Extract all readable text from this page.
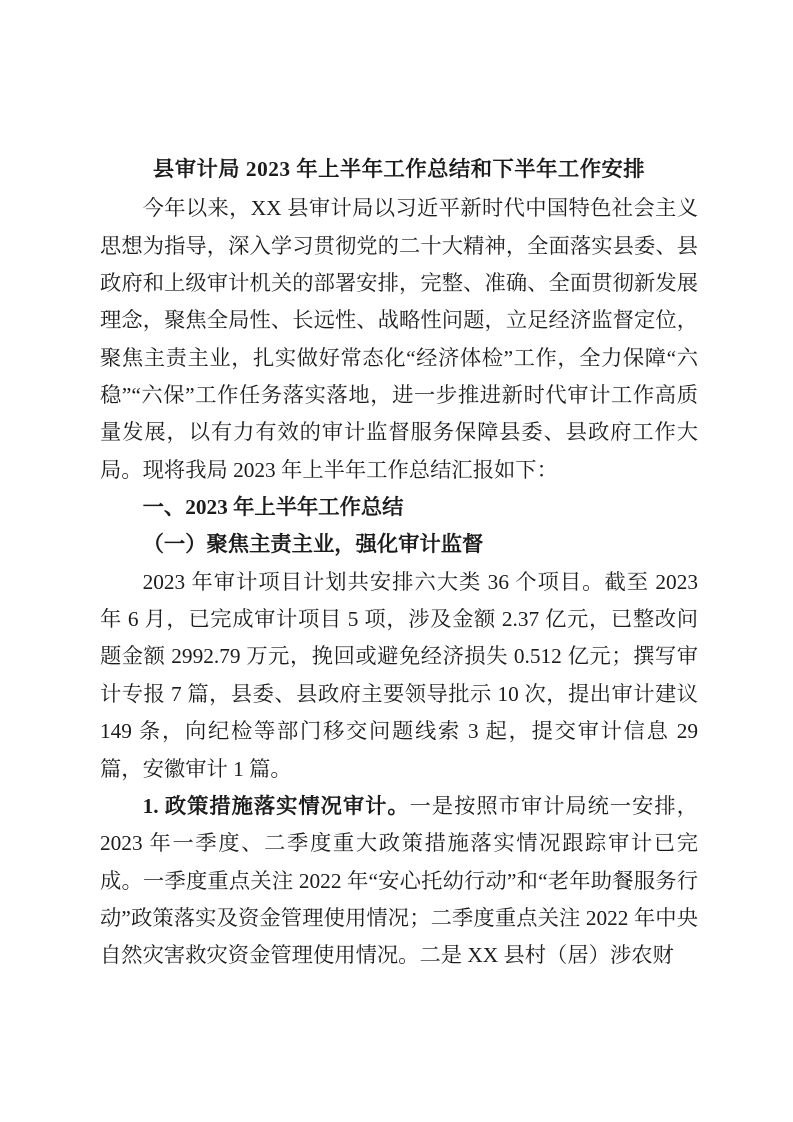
县审计局 2023 年上半年工作总结和下半年工作安排

今年以来，XX 县审计局以习近平新时代中国特色社会主义思想为指导，深入学习贯彻党的二十大精神，全面落实县委、县政府和上级审计机关的部署安排，完整、准确、全面贯彻新发展理念，聚焦全局性、长远性、战略性问题，立足经济监督定位，聚焦主责主业，扎实做好常态化“经济体检”工作，全力保障“六稳”“六保”工作任务落实落地，进一步推进新时代审计工作高质量发展，以有力有效的审计监督服务保障县委、县政府工作大局。现将我局 2023 年上半年工作总结汇报如下：

一、2023 年上半年工作总结
（一）聚焦主责主业，强化审计监督

2023 年审计项目计划共安排六大类 36 个项目。截至 2023 年 6 月，已完成审计项目 5 项，涉及金额 2.37 亿元，已整改问题金额 2992.79 万元，挽回或避免经济损失 0.512 亿元；撰写审计专报 7 篇，县委、县政府主要领导批示 10 次，提出审计建议 149 条，向纪检等部门移交问题线索 3 起，提交审计信息 29 篇，安徽审计 1 篇。

1. 政策措施落实情况审计。一是按照市审计局统一安排，2023 年一季度、二季度重大政策措施落实情况跟踪审计已完成。一季度重点关注 2022 年“安心托幼行动”和“老年助餐服务行动”政策落实及资金管理使用情况；二季度重点关注 2022 年中央自然灾害救灾资金管理使用情况。二是 XX 县村（居）涉农财
